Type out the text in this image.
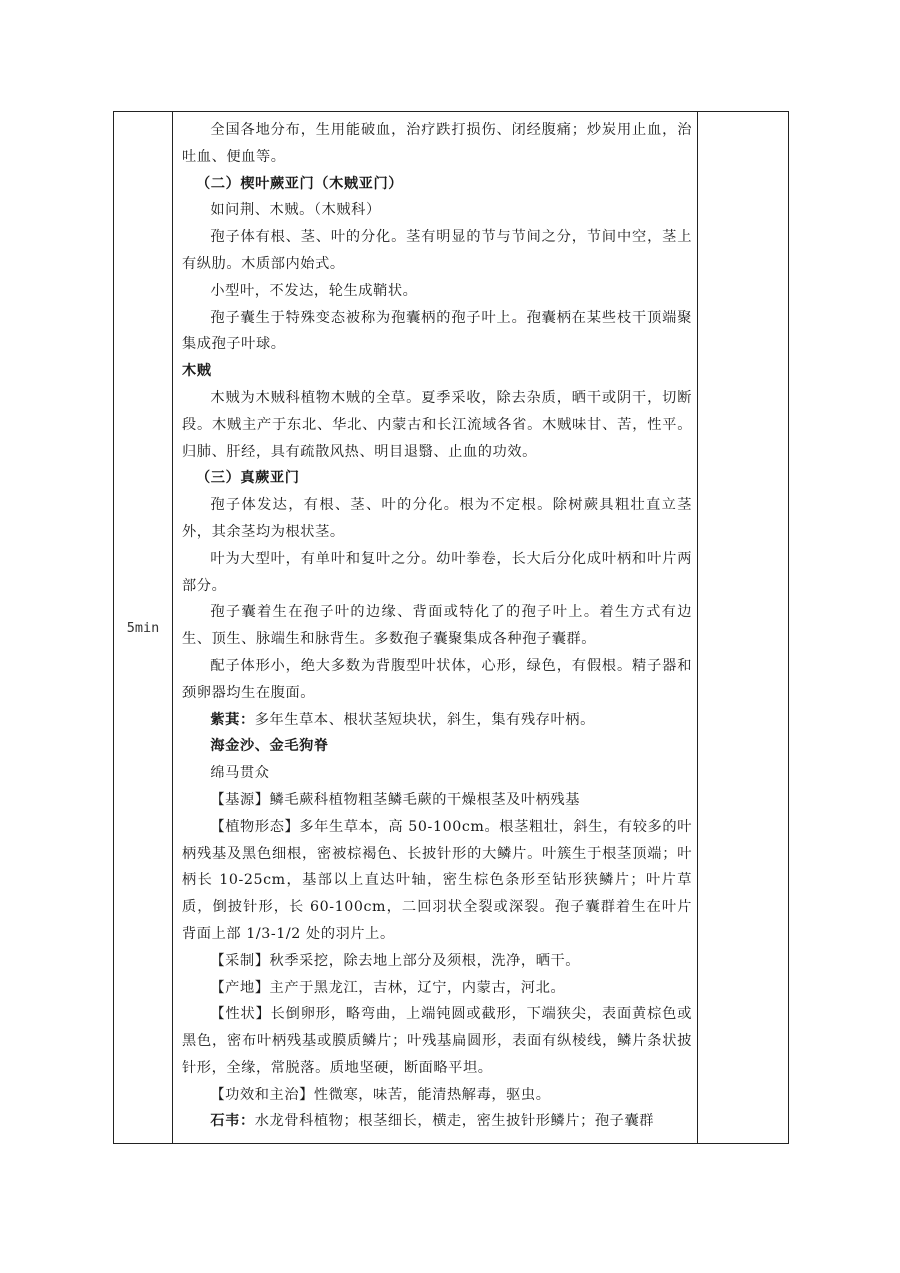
5min

全国各地分布，生用能破血，治疗跌打损伤、闭经腹痛；炒炭用止血，治吐血、便血等。

（二）楔叶蕨亚门（木贼亚门）

如问荆、木贼。（木贼科）

孢子体有根、茎、叶的分化。茎有明显的节与节间之分，节间中空，茎上有纵肋。木质部内始式。

小型叶，不发达，轮生成鞘状。

孢子囊生于特殊变态被称为孢囊柄的孢子叶上。孢囊柄在某些枝干顶端聚集成孢子叶球。

木贼

木贼为木贼科植物木贼的全草。夏季采收，除去杂质，晒干或阴干，切断段。木贼主产于东北、华北、内蒙古和长江流域各省。木贼味甘、苦，性平。归肺、肝经，具有疏散风热、明目退翳、止血的功效。

（三）真蕨亚门

孢子体发达，有根、茎、叶的分化。根为不定根。除树蕨具粗壮直立茎外，其余茎均为根状茎。

叶为大型叶，有单叶和复叶之分。幼叶拳卷，长大后分化成叶柄和叶片两部分。

孢子囊着生在孢子叶的边缘、背面或特化了的孢子叶上。着生方式有边生、顶生、脉端生和脉背生。多数孢子囊聚集成各种孢子囊群。

配子体形小，绝大多数为背腹型叶状体，心形，绿色，有假根。精子器和颈卵器均生在腹面。

紫萁：多年生草本、根状茎短块状，斜生，集有残存叶柄。

海金沙、金毛狗脊

绵马贯众

【基源】鳞毛蕨科植物粗茎鳞毛蕨的干燥根茎及叶柄残基

【植物形态】多年生草本，高 50-100cm。根茎粗壮，斜生，有较多的叶柄残基及黑色细根，密被棕褐色、长披针形的大鳞片。叶簇生于根茎顶端；叶柄长 10-25cm，基部以上直达叶轴，密生棕色条形至钻形狭鳞片；叶片草质，倒披针形，长 60-100cm，二回羽状全裂或深裂。孢子囊群着生在叶片背面上部 1/3-1/2 处的羽片上。

【采制】秋季采挖，除去地上部分及须根，洗净，晒干。

【产地】主产于黑龙江，吉林，辽宁，内蒙古，河北。

【性状】长倒卵形，略弯曲，上端钝圆或截形，下端狭尖，表面黄棕色或黑色，密布叶柄残基或膜质鳞片；叶残基扁圆形，表面有纵棱线，鳞片条状披针形，全缘，常脱落。质地坚硬，断面略平坦。

【功效和主治】性微寒，味苦，能清热解毒，驱虫。

石韦：水龙骨科植物；根茎细长，横走，密生披针形鳞片；孢子囊群
